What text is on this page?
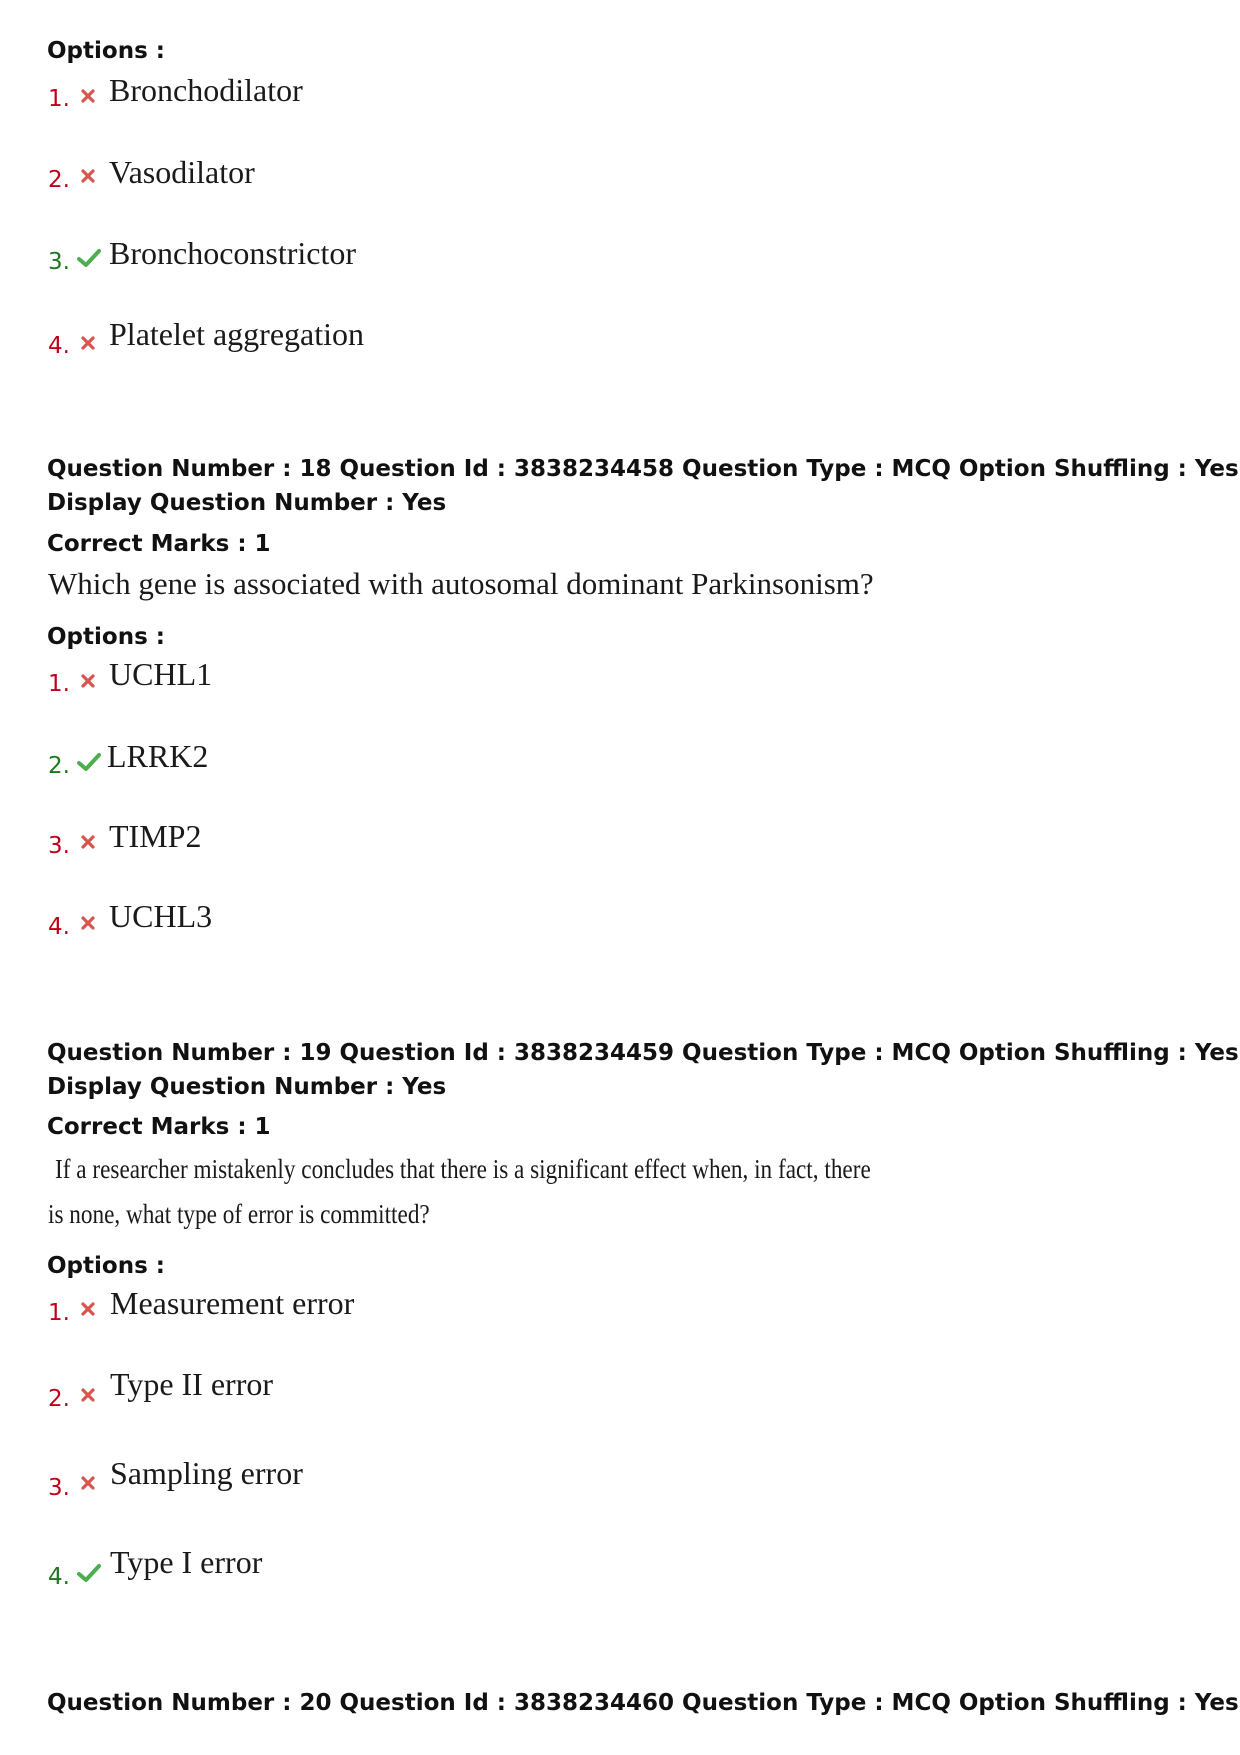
Options :
1. Bronchodilator
2. Vasodilator
3. Bronchoconstrictor
4. Platelet aggregation
Question Number : 18 Question Id : 3838234458 Question Type : MCQ Option Shuffling : Yes
Display Question Number : Yes
Correct Marks : 1
Which gene is associated with autosomal dominant Parkinsonism?
Options :
1. UCHL1
2. LRRK2
3. TIMP2
4. UCHL3
Question Number : 19 Question Id : 3838234459 Question Type : MCQ Option Shuffling : Yes
Display Question Number : Yes
Correct Marks : 1
If a researcher mistakenly concludes that there is a significant effect when, in fact, there
is none, what type of error is committed?
Options :
1. Measurement error
2. Type II error
3. Sampling error
4. Type I error
Question Number : 20 Question Id : 3838234460 Question Type : MCQ Option Shuffling : Yes
